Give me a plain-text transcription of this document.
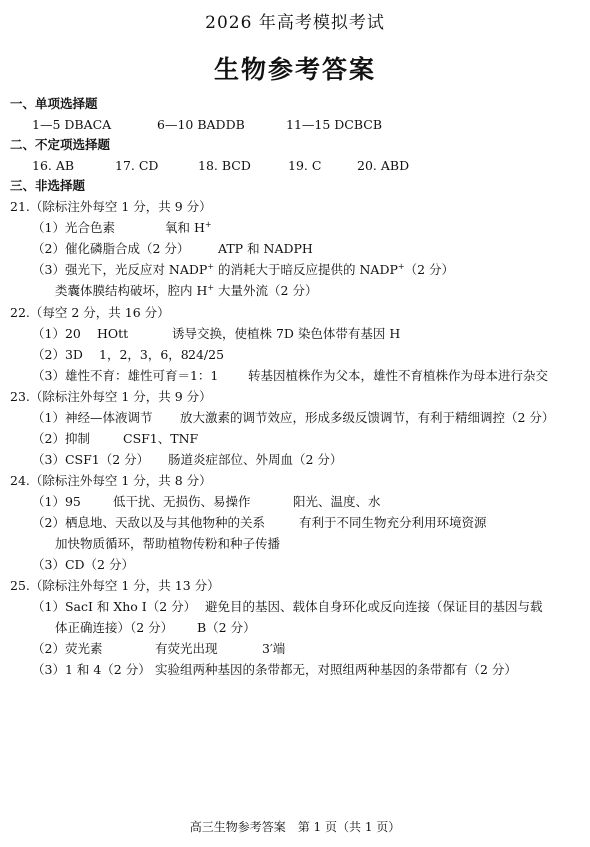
2026 年高考模拟考试
生物参考答案
一、单项选择题
1—5 DBACA	6—10 BADDB	11—15 DCBCB
二、不定项选择题
16. AB	17. CD	18. BCD	19. C	20. ABD
三、非选择题
21.（除标注外每空 1 分，共 9 分）
（1）光合色素	氧和 H+
（2）催化磷脂合成（2 分） ATP 和 NADPH
（3）强光下，光反应对 NADP+ 的消耗大于暗反应提供的 NADP+（2 分）
类囊体膜结构破坏，腔内 H+ 大量外流（2 分）
22.（每空 2 分，共 16 分）
（1）20 HOtt	诱导交换，使植株 7D 染色体带有基因 H
（2）3D 1，2，3，6，8 24/25
（3）雄性不育：雄性可育＝1：1 转基因植株作为父本，雄性不育植株作为母本进行杂交
23.（除标注外每空 1 分，共 9 分）
（1）神经—体液调节 放大激素的调节效应，形成多级反馈调节，有利于精细调控（2 分）
（2）抑制	CSF1、TNF
（3）CSF1（2 分） 肠道炎症部位、外周血（2 分）
24.（除标注外每空 1 分，共 8 分）
（1）95	低干扰、无损伤、易操作	阳光、温度、水
（2）栖息地、天敌以及与其他物种的关系	有利于不同生物充分利用环境资源
加快物质循环，帮助植物传粉和种子传播
（3）CD（2 分）
25.（除标注外每空 1 分，共 13 分）
（1）SacI 和 Xho Ⅰ（2 分） 避免目的基因、载体自身环化或反向连接（保证目的基因与载
体正确连接）（2 分） B（2 分）
（2）荧光素	有荧光出现	3′端
（3）1 和 4（2 分） 实验组两种基因的条带都无，对照组两种基因的条带都有（2 分）
高三生物参考答案　第 1 页（共 1 页）
